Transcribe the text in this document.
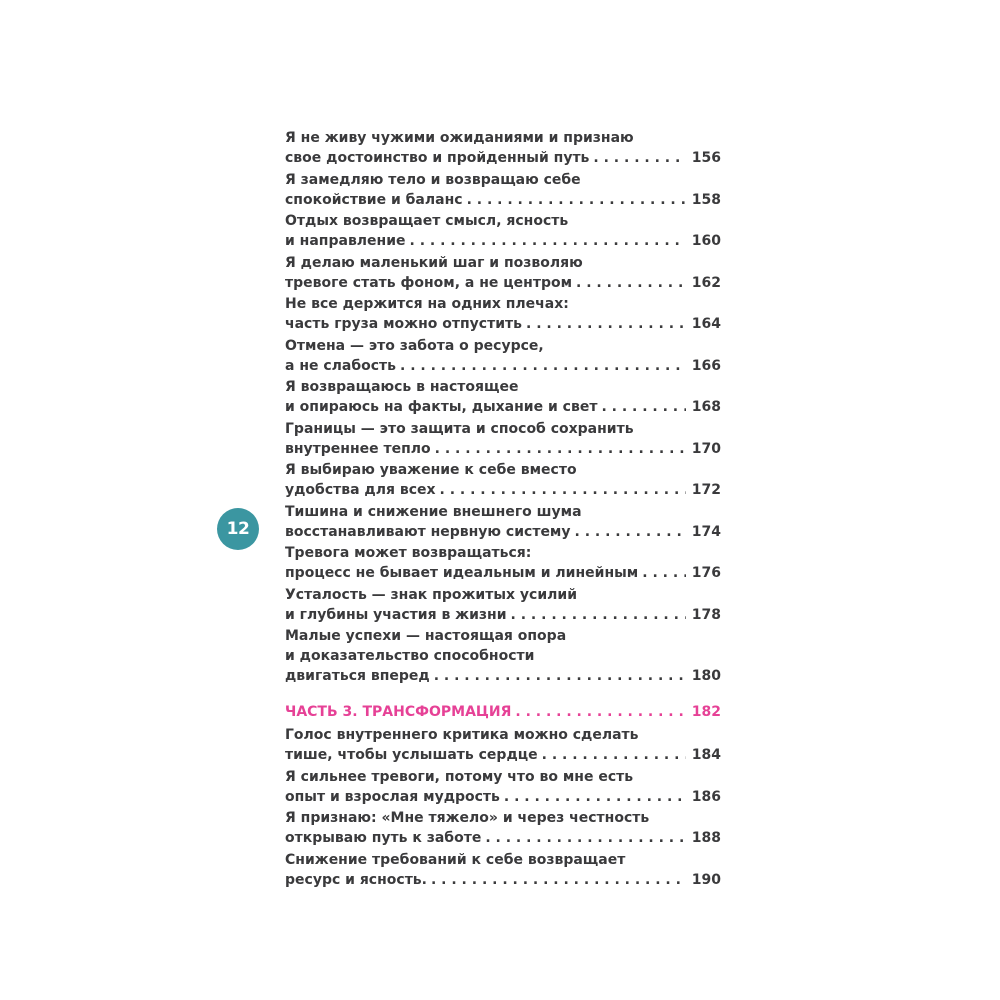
12
Я не живу чужими ожиданиями и признаю
свое достоинство и пройденный путь . . .	156
Я замедляю тело и возвращаю себе
спокойствие и баланс . . .	158
Отдых возвращает смысл, ясность
и направление . . .	160
Я делаю маленький шаг и позволяю
тревоге стать фоном, а не центром . . .	162
Не все держится на одних плечах:
часть груза можно отпустить . . .	164
Отмена — это забота о ресурсе,
а не слабость . . .	166
Я возвращаюсь в настоящее
и опираюсь на факты, дыхание и свет . . .	168
Границы — это защита и способ сохранить
внутреннее тепло . . .	170
Я выбираю уважение к себе вместо
удобства для всех . . .	172
Тишина и снижение внешнего шума
восстанавливают нервную систему . . .	174
Тревога может возвращаться:
процесс не бывает идеальным и линейным . . .	176
Усталость — знак прожитых усилий
и глубины участия в жизни . . .	178
Малые успехи — настоящая опора
и доказательство способности
двигаться вперед . . .	180
ЧАСТЬ 3. ТРАНСФОРМАЦИЯ . . .	182
Голос внутреннего критика можно сделать
тише, чтобы услышать сердце . . .	184
Я сильнее тревоги, потому что во мне есть
опыт и взрослая мудрость . . .	186
Я признаю: «Мне тяжело» и через честность
открываю путь к заботе . . .	188
Снижение требований к себе возвращает
ресурс и ясность. . . .	190
